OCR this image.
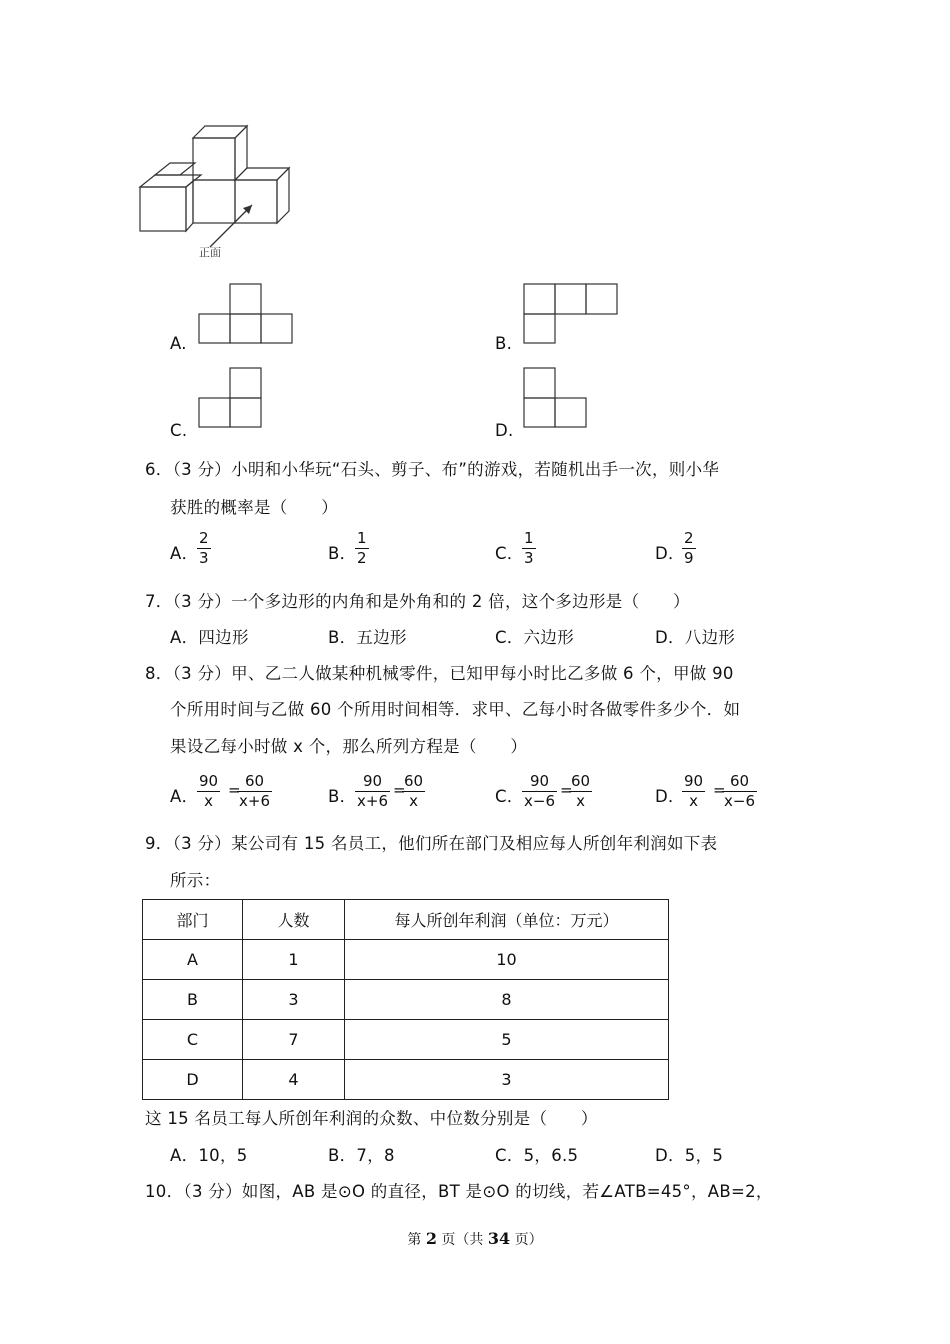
正面
A.	B.
C.	D.
6．（3 分）小明和小华玩“石头、剪子、布”的游戏，若随机出手一次，则小华
获胜的概率是（　　）
A．
$\frac{2}{3}$	B．
$\frac{1}{2}$	C．
$\frac{1}{3}$	D．
$\frac{2}{9}$
7．（3 分）一个多边形的内角和是外角和的 2 倍，这个多边形是（　　）
A．四边形	B．五边形	C．六边形	D．八边形
8．（3 分）甲、乙二人做某种机械零件，已知甲每小时比乙多做 6 个，甲做 90
个所用时间与乙做 60 个所用时间相等．求甲、乙每小时各做零件多少个．如
果设乙每小时做 x 个，那么所列方程是（　　）
A．
$\frac{90}{x}$ =
$\frac{60}{x+6}$	B．
$\frac{90}{x+6}$ =
$\frac{60}{x}$	C．
$\frac{90}{x-6}$ =
$\frac{60}{x}$	D．
$\frac{90}{x}$ =
$\frac{60}{x-6}$
9．（3 分）某公司有 15 名员工，他们所在部门及相应每人所创年利润如下表
所示：
部门	人数	每人所创年利润（单位：万元）
A	1	10
B	3	8
C	7	5
D	4	3
这 15 名员工每人所创年利润的众数、中位数分别是（　　）
A．10，5	B．7，8	C．5，6.5	D．5，5
10．（3 分）如图，AB 是⊙O 的直径，BT 是⊙O 的切线，若∠ATB=45°，AB=2，
第 2 页（共 34 页）
